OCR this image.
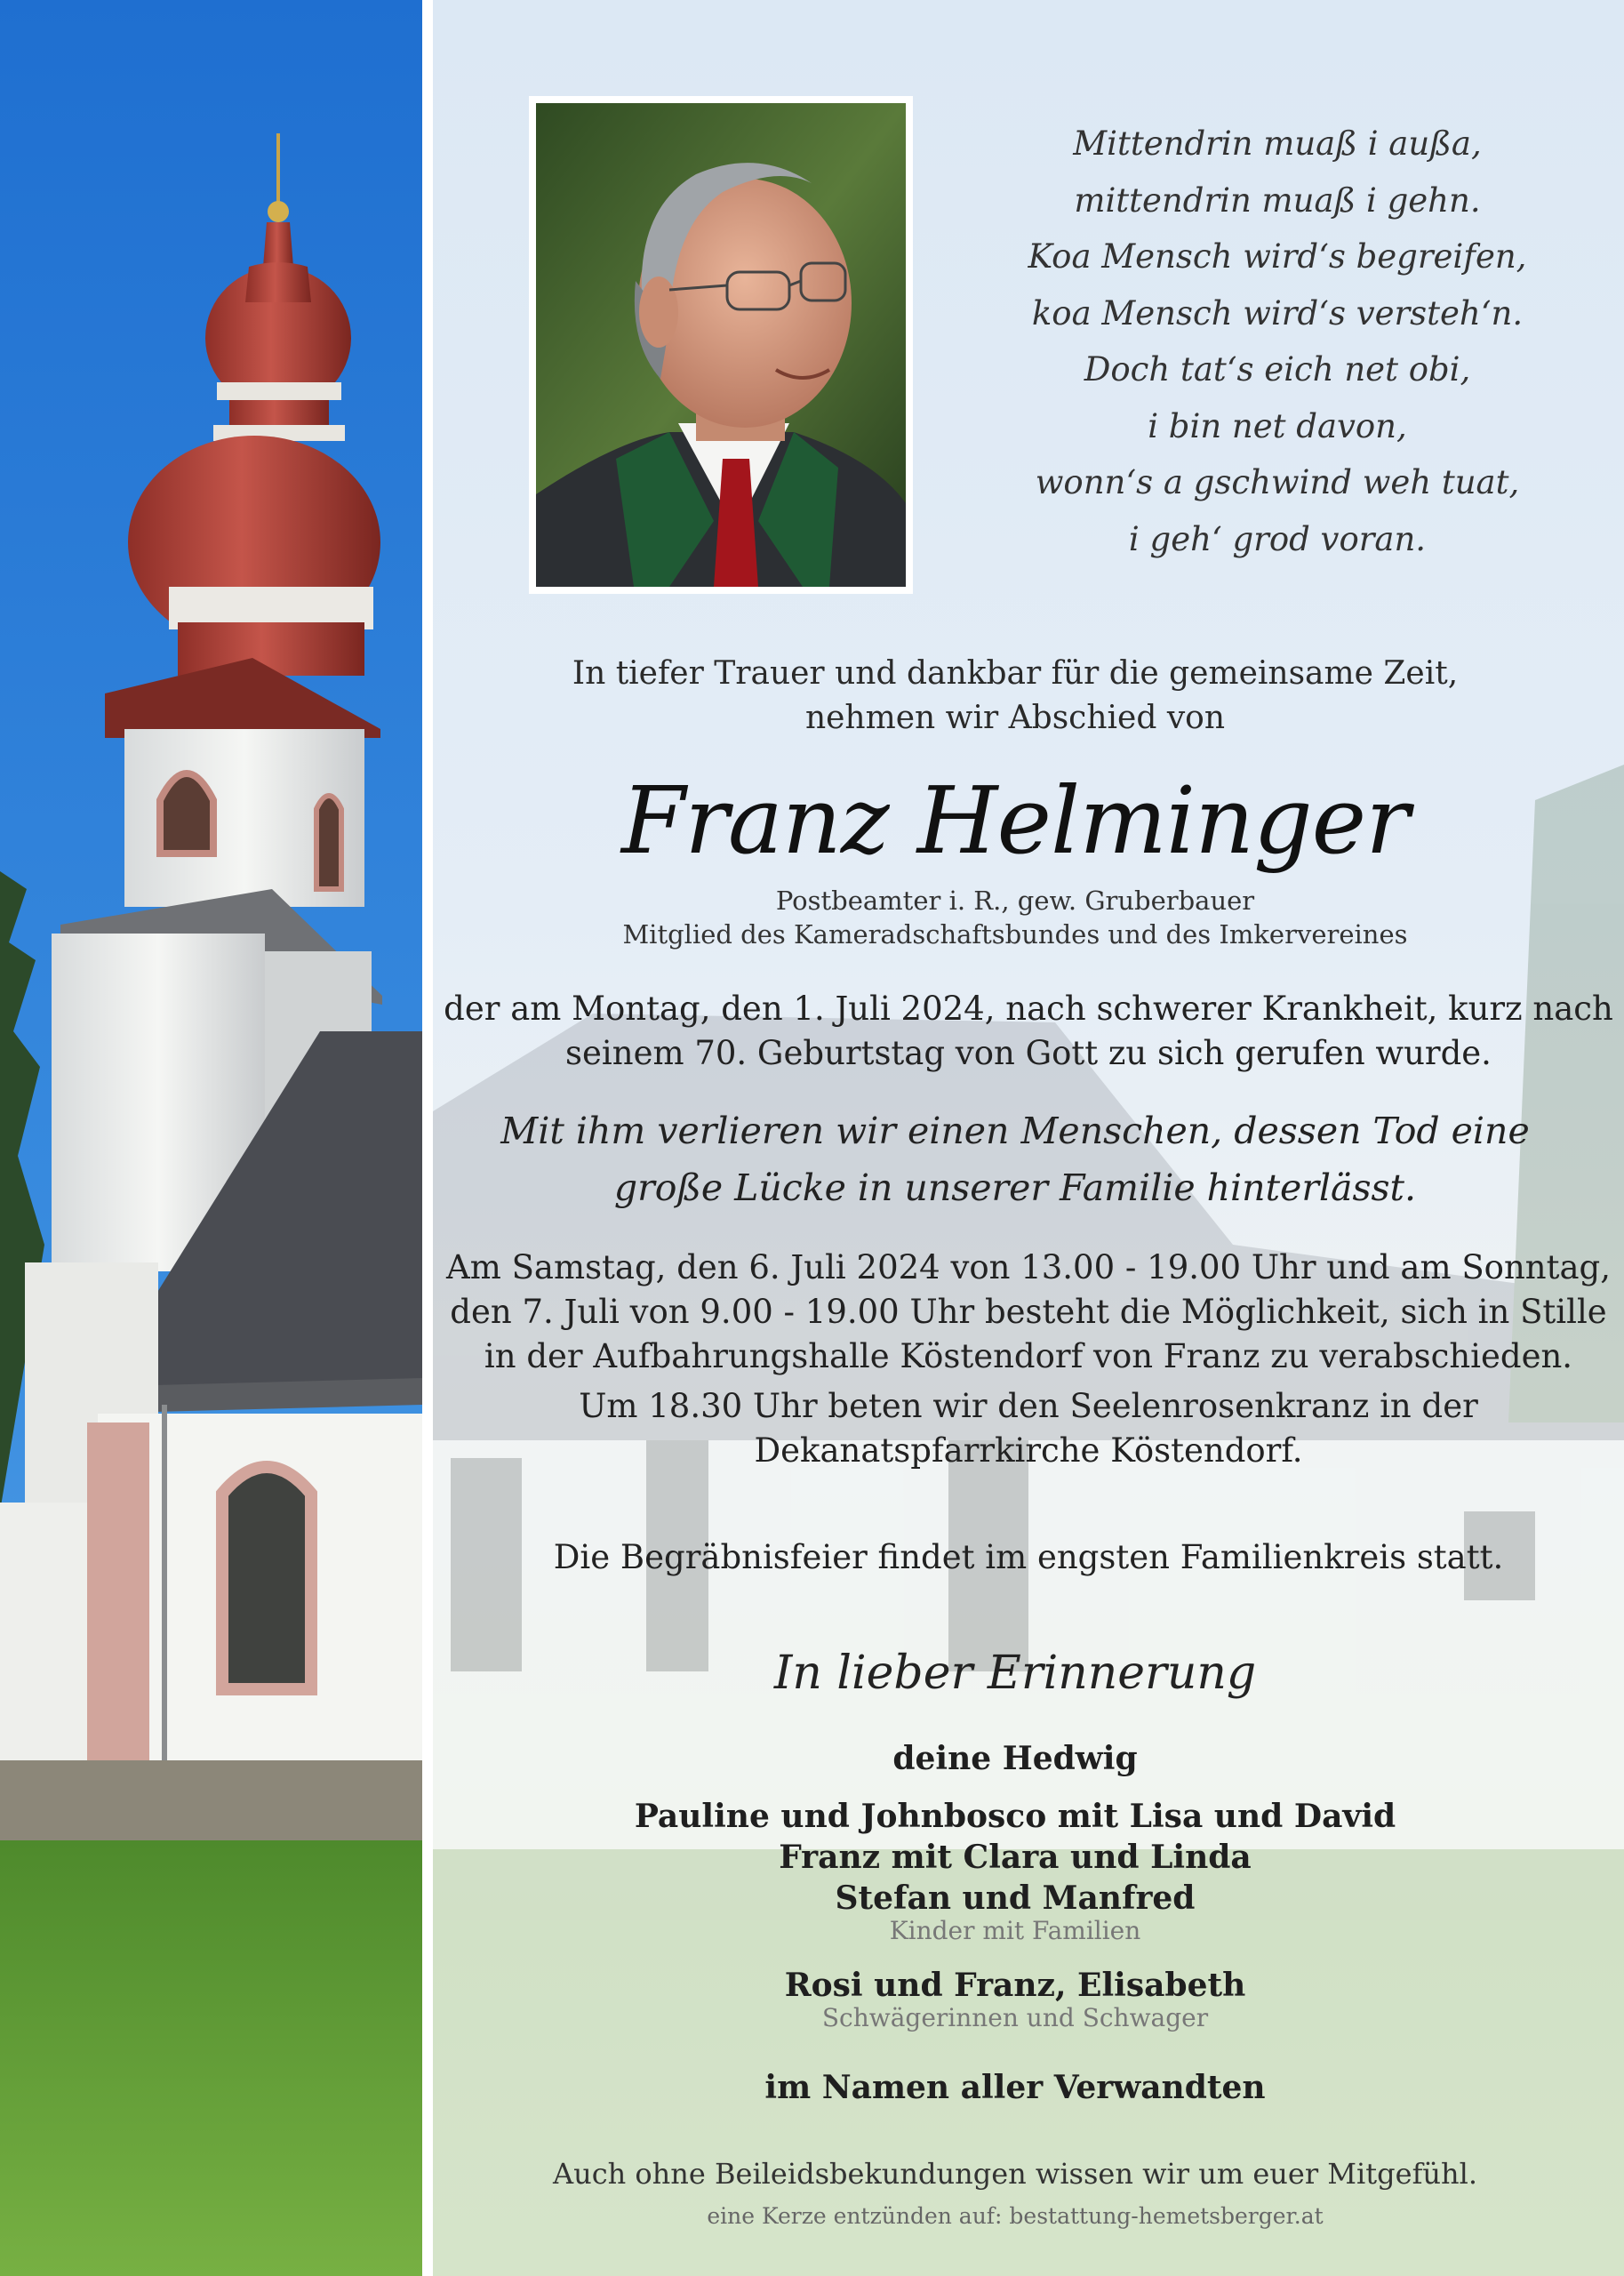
Mittendrin muaß i außa,
mittendrin muaß i gehn.
Koa Mensch wird‘s begreifen,
koa Mensch wird‘s versteh‘n.
Doch tat‘s eich net obi,
i bin net davon,
wonn‘s a gschwind weh tuat,
i geh‘ grod voran.
In tiefer Trauer und dankbar für die gemeinsame Zeit,
nehmen wir Abschied von
Franz Helminger
Postbeamter i. R., gew. Gruberbauer
Mitglied des Kameradschaftsbundes und des Imkervereines
der am Montag, den 1. Juli 2024, nach schwerer Krankheit, kurz nach
seinem 70. Geburtstag von Gott zu sich gerufen wurde.
Mit ihm verlieren wir einen Menschen, dessen Tod eine
große Lücke in unserer Familie hinterlässt.
Am Samstag, den 6. Juli 2024 von 13.00 - 19.00 Uhr und am Sonntag,
den 7. Juli von 9.00 - 19.00 Uhr besteht die Möglichkeit, sich in Stille
in der Aufbahrungshalle Köstendorf von Franz zu verabschieden.
Um 18.30 Uhr beten wir den Seelenrosenkranz in der
Dekanatspfarrkirche Köstendorf.
Die Begräbnisfeier findet im engsten Familienkreis statt.
In lieber Erinnerung
deine Hedwig
Pauline und Johnbosco mit Lisa und David
Franz mit Clara und Linda
Stefan und Manfred
Kinder mit Familien
Rosi und Franz, Elisabeth
Schwägerinnen und Schwager
im Namen aller Verwandten
Auch ohne Beileidsbekundungen wissen wir um euer Mitgefühl.
eine Kerze entzünden auf: bestattung-hemetsberger.at
